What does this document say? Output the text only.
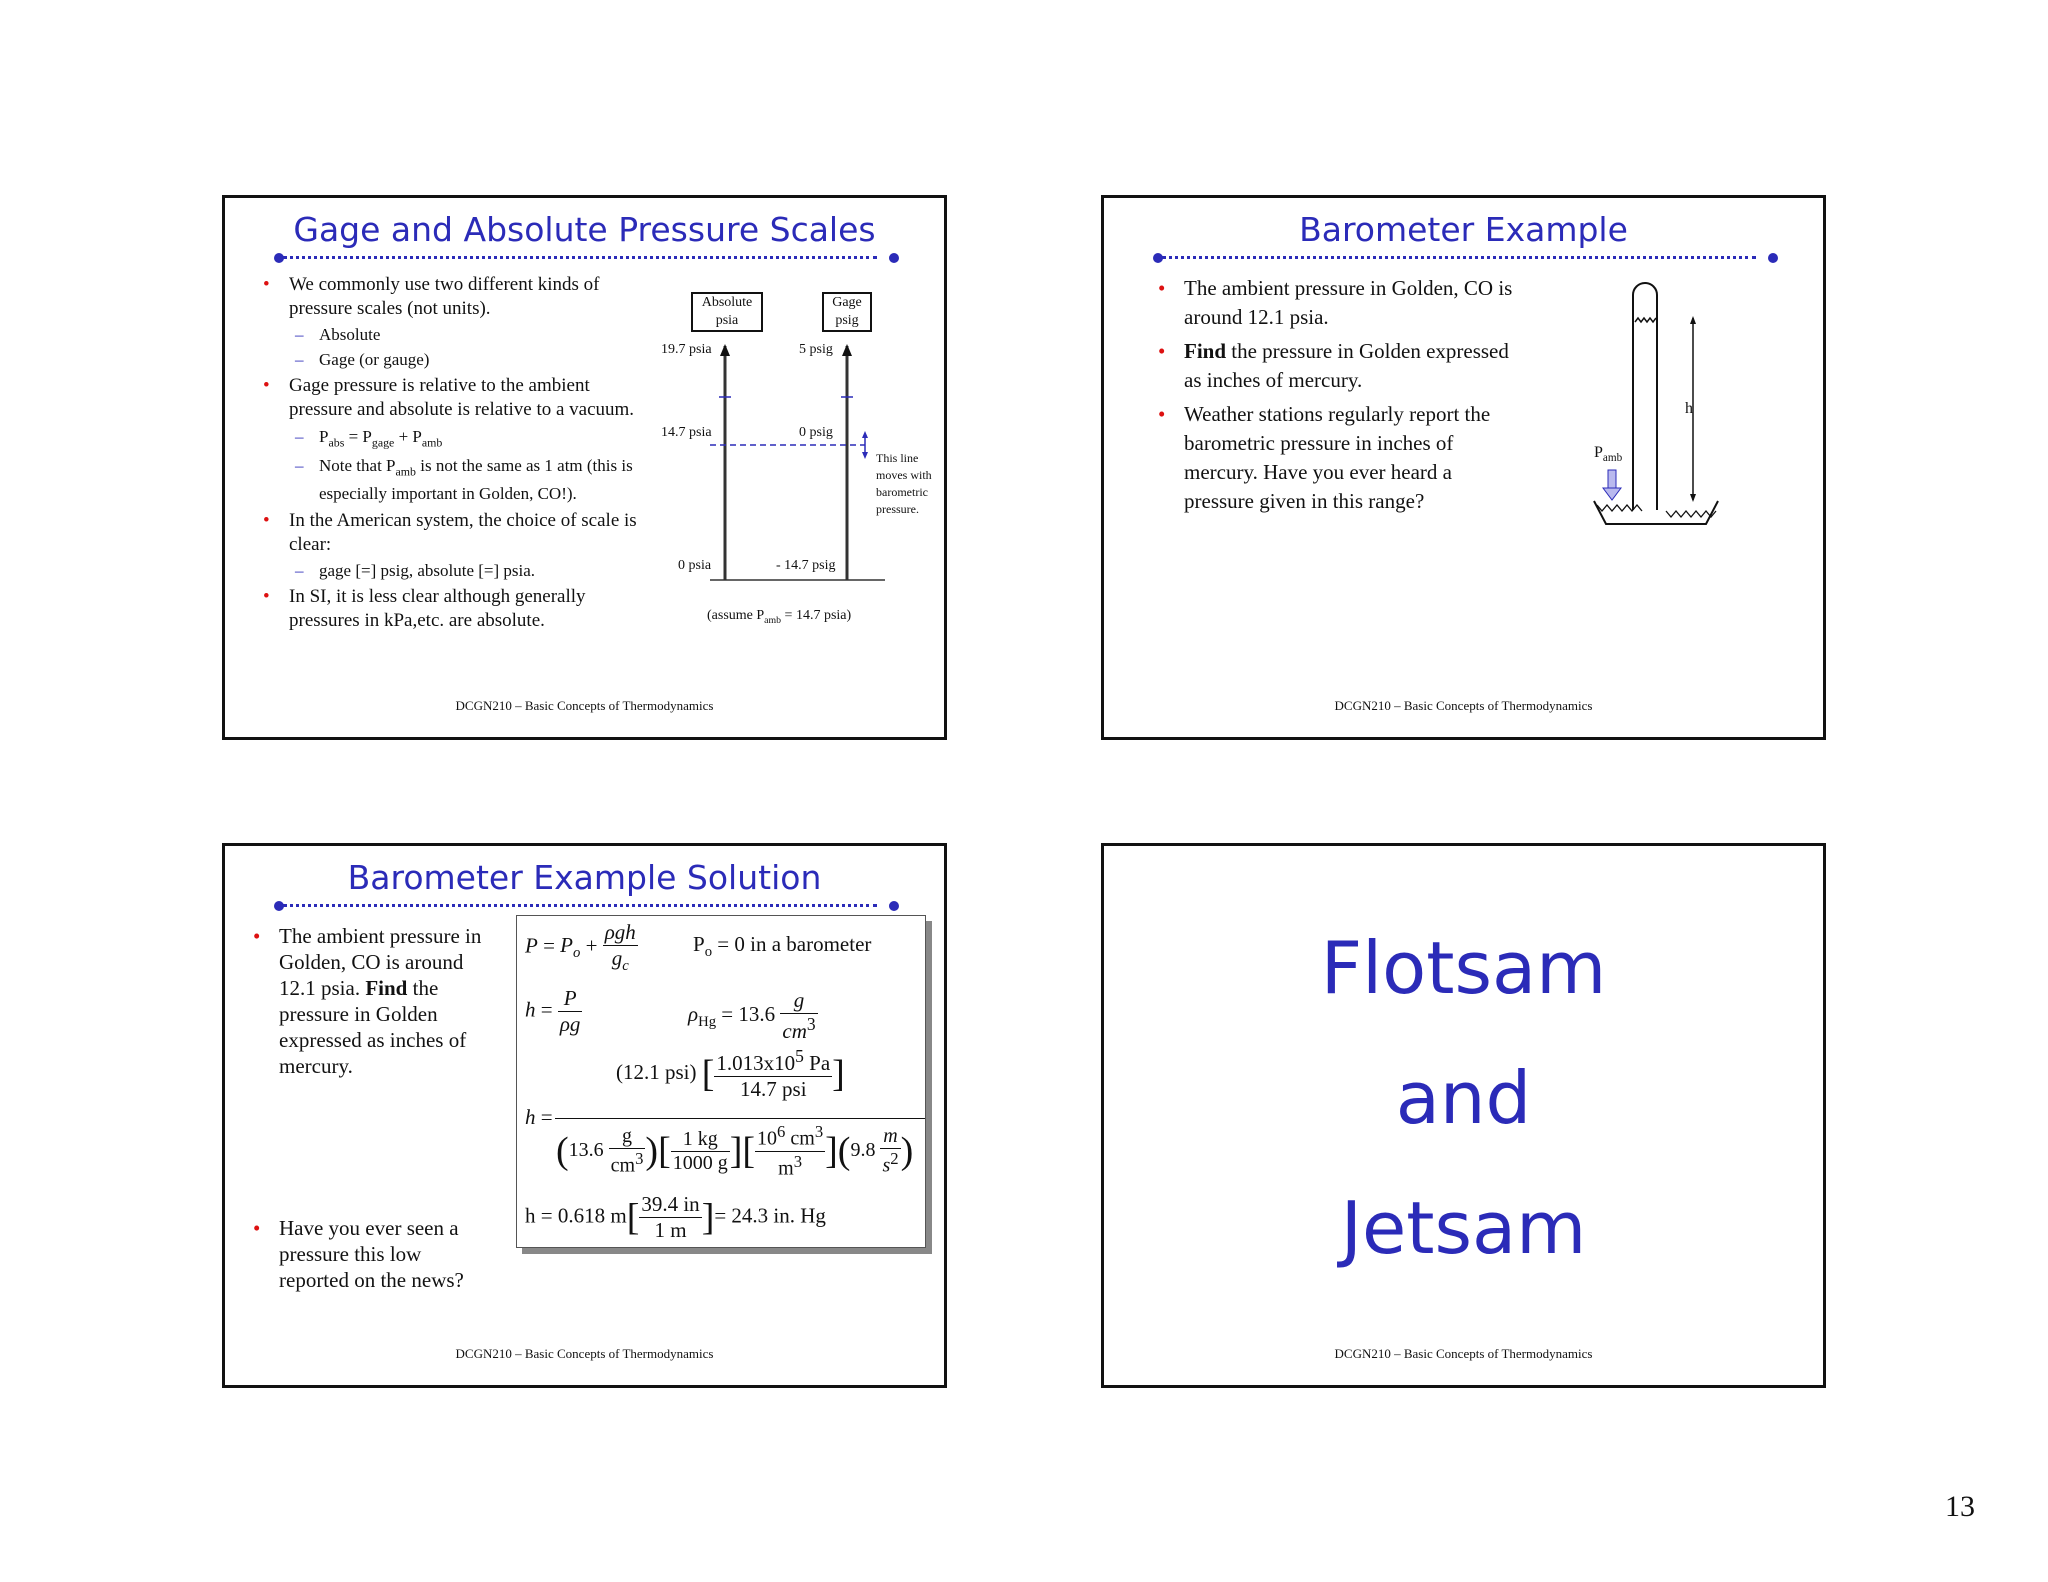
Gage and Absolute Pressure Scales
• We commonly use two different kinds of pressure scales (not units).
– Absolute
– Gage (or gauge)
• Gage pressure is relative to the ambient pressure and absolute is relative to a vacuum.
– $P_{abs} = P_{gage} + P_{amb}$
– Note that $P_{amb}$ is not the same as 1 atm (this is especially important in Golden, CO!).
• In the American system, the choice of scale is clear:
– gage [=] psig, absolute [=] psia.
• In SI, it is less clear although generally pressures in kPa,etc. are absolute.
Absolute
psia
Gage
psig
19.7 psia	5 psig
14.7 psia	0 psig
0 psia	- 14.7 psig
This line moves with barometric pressure.
(assume $P_{amb} = 14.7$ psia)
DCGN210 – Basic Concepts of Thermodynamics
Barometer Example
• The ambient pressure in Golden, CO is around 12.1 psia.
• Find the pressure in Golden expressed as inches of mercury.
• Weather stations regularly report the barometric pressure in inches of mercury. Have you ever heard a pressure given in this range?
h
$P_{amb}$
DCGN210 – Basic Concepts of Thermodynamics
Barometer Example Solution
• The ambient pressure in Golden, CO is around 12.1 psia. Find the pressure in Golden expressed as inches of mercury.
• Have you ever seen a pressure this low reported on the news?
$P = P_o + \frac{\text{ρgh}}{g_c}$	$P_o = 0$ in a barometer
$h = \frac{P}{\rho g}$	$\rho_{Hg} = 13.6 \frac{g}{cm^3}$
(12.1 psi) [ $\frac{1.013x10^5 Pa}{\text{14.7 psi}}$ ]
h =
($13.6 \frac{g}{cm^3}$ )[ $\frac{1 kg}{1000 g}$ ][ $\frac{10^6 cm^3}{m^3} ](9.8 \frac{m}{s^2}$ )
h = 0.618 $m[ \frac{39.4 in}{1 m}$ ]= 24.3 in. Hg
DCGN210 – Basic Concepts of Thermodynamics
Flotsam
and
Jetsam
DCGN210 – Basic Concepts of Thermodynamics
13
